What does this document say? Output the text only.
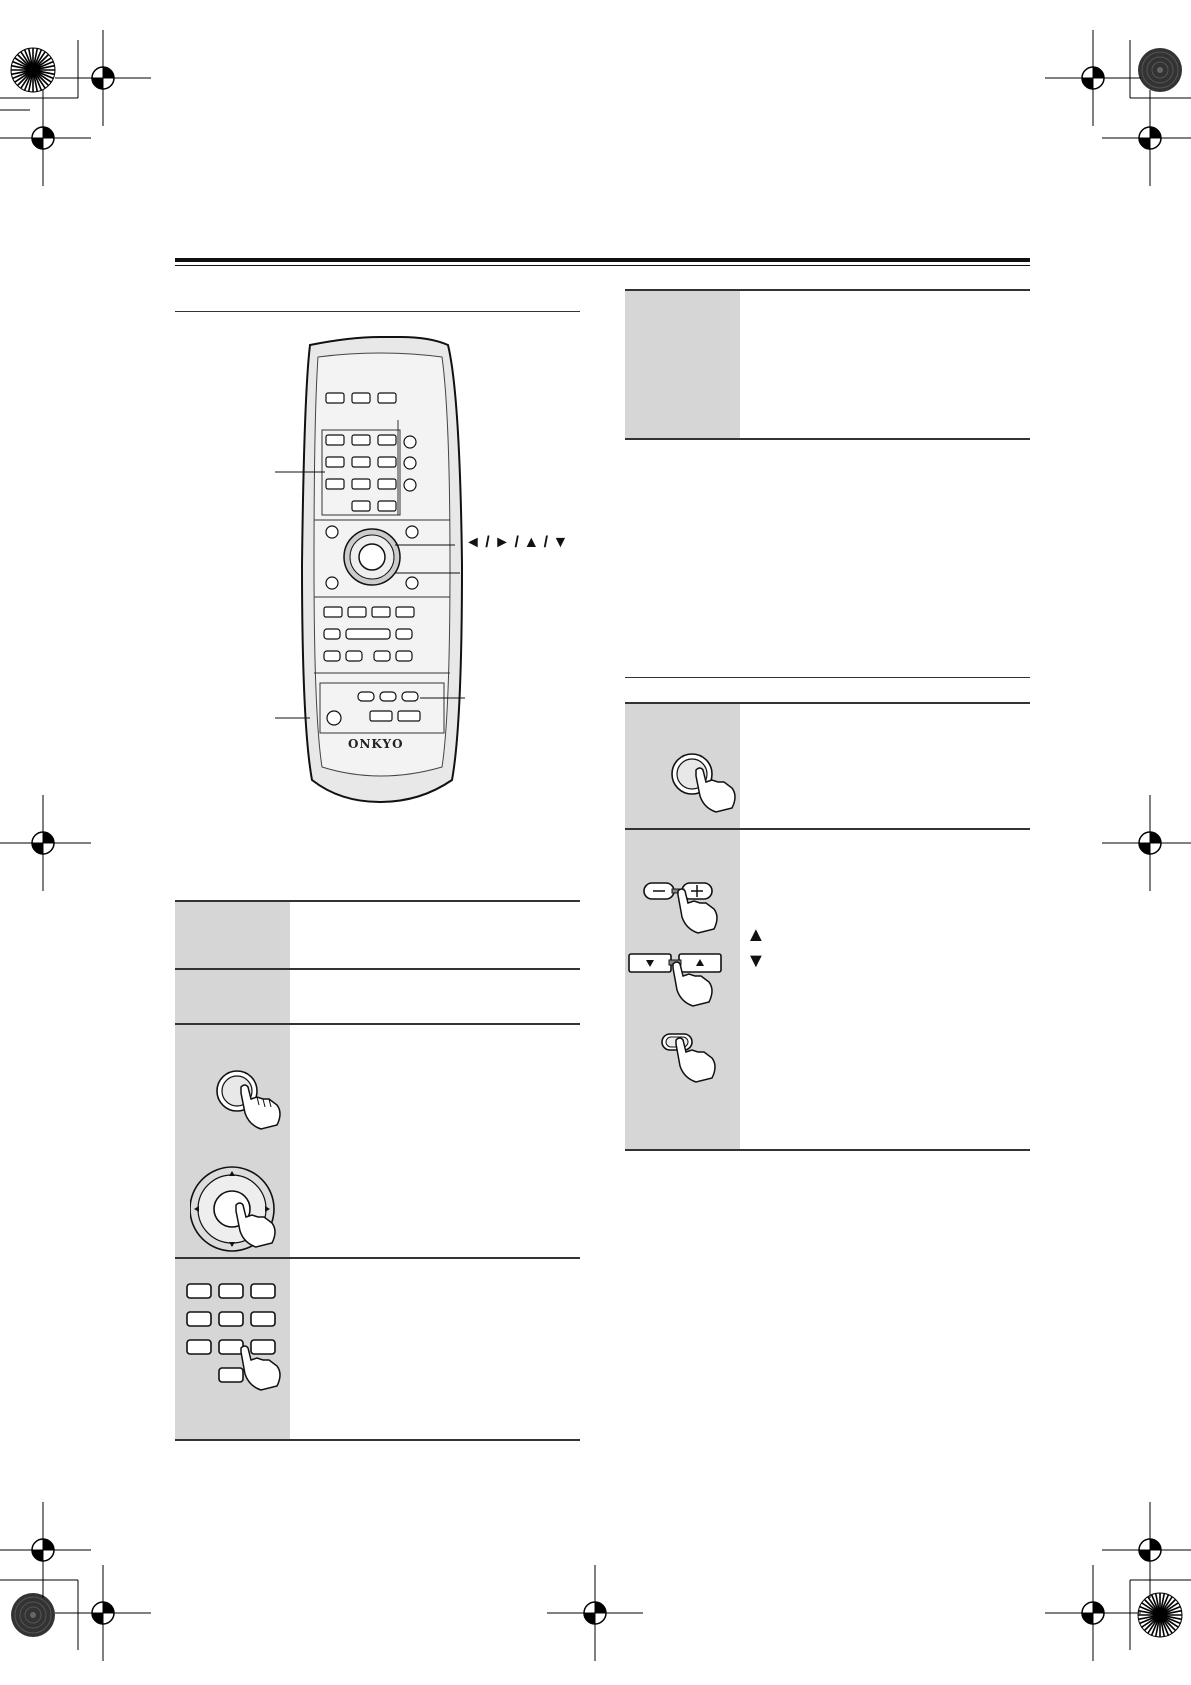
ONKYO
◄ / ► / ▲ / ▼
▲
▼
